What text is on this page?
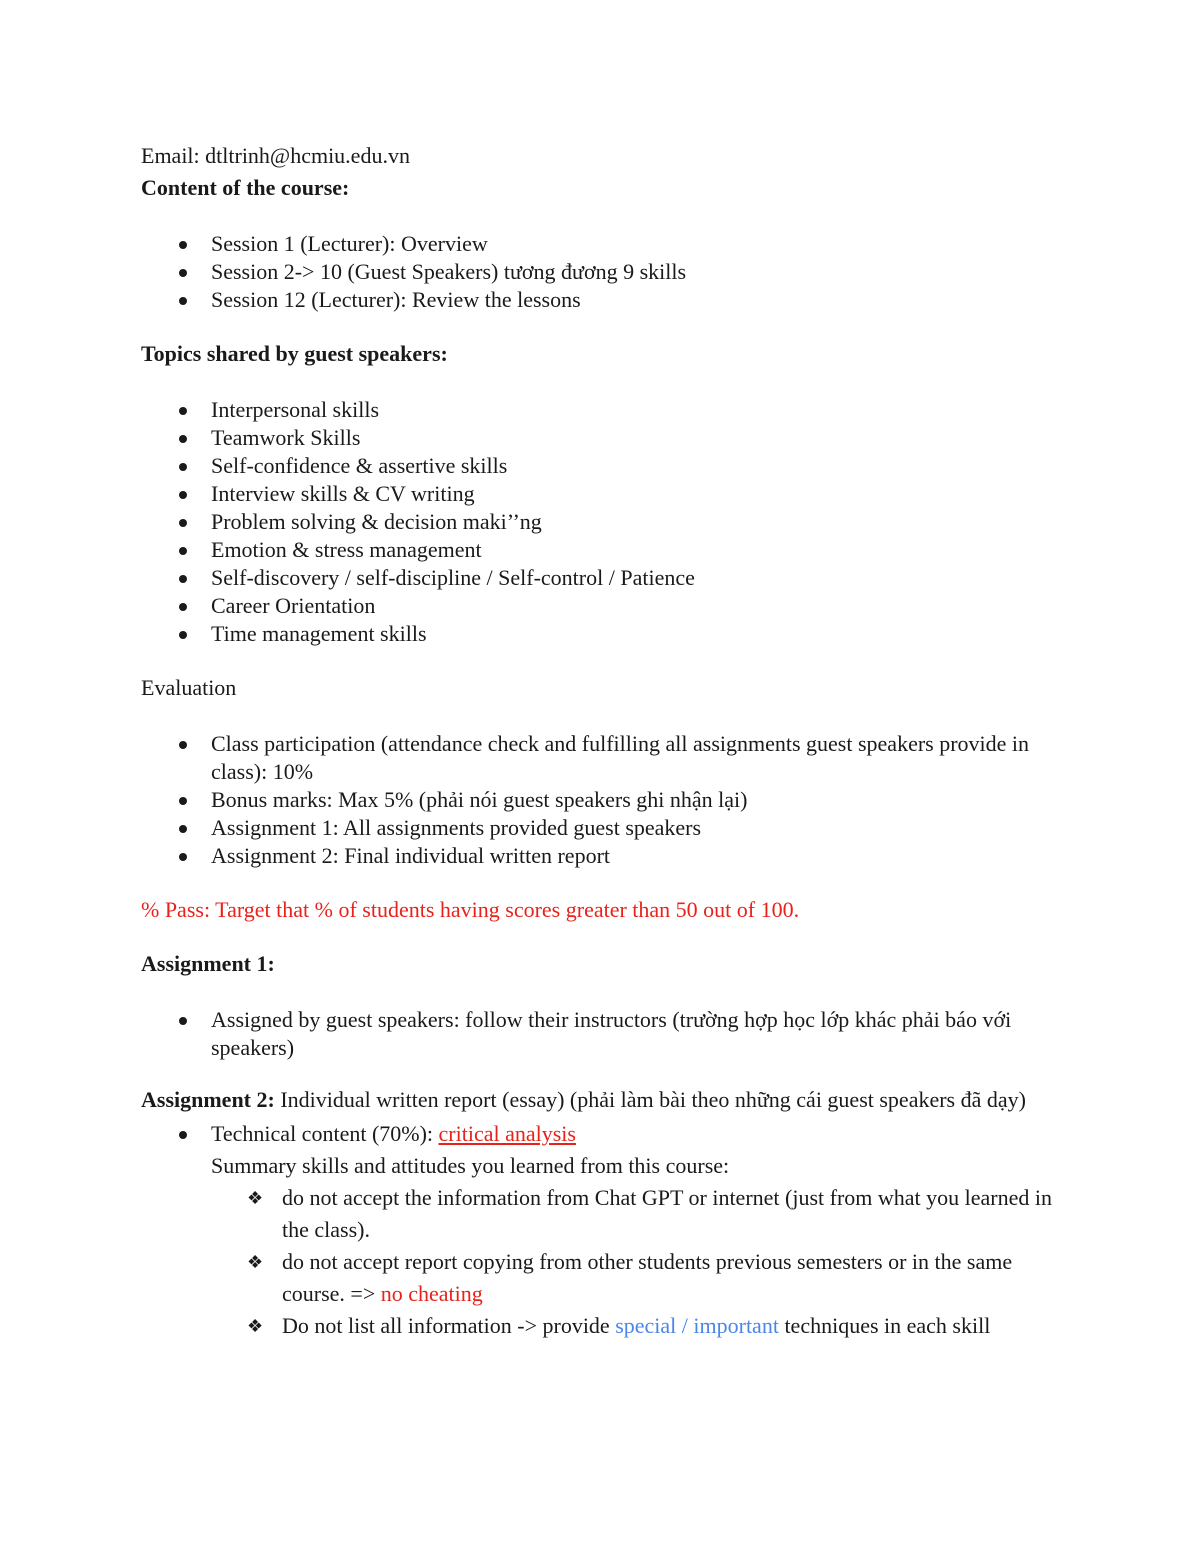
Email: dtltrinh@hcmiu.edu.vn

Content of the course:

Session 1 (Lecturer): Overview
Session 2-> 10 (Guest Speakers) tương đương 9 skills
Session 12 (Lecturer): Review the lessons

Topics shared by guest speakers:

Interpersonal skills
Teamwork Skills
Self-confidence & assertive skills
Interview skills & CV writing
Problem solving & decision maki’’ng
Emotion & stress management
Self-discovery / self-discipline / Self-control / Patience
Career Orientation
Time management skills

Evaluation

Class participation (attendance check and fulfilling all assignments guest speakers provide in class): 10%
Bonus marks: Max 5% (phải nói guest speakers ghi nhận lại)
Assignment 1: All assignments provided guest speakers
Assignment 2: Final individual written report

% Pass: Target that % of students having scores greater than 50 out of 100.

Assignment 1:

Assigned by guest speakers: follow their instructors (trường hợp học lớp khác phải báo với speakers)

Assignment 2: Individual written report (essay) (phải làm bài theo những cái guest speakers đã dạy)

Technical content (70%): critical analysis
Summary skills and attitudes you learned from this course:
❖ do not accept the information from Chat GPT or internet (just from what you learned in the class).
❖ do not accept report copying from other students previous semesters or in the same course. => no cheating
❖ Do not list all information -> provide special / important techniques in each skill
